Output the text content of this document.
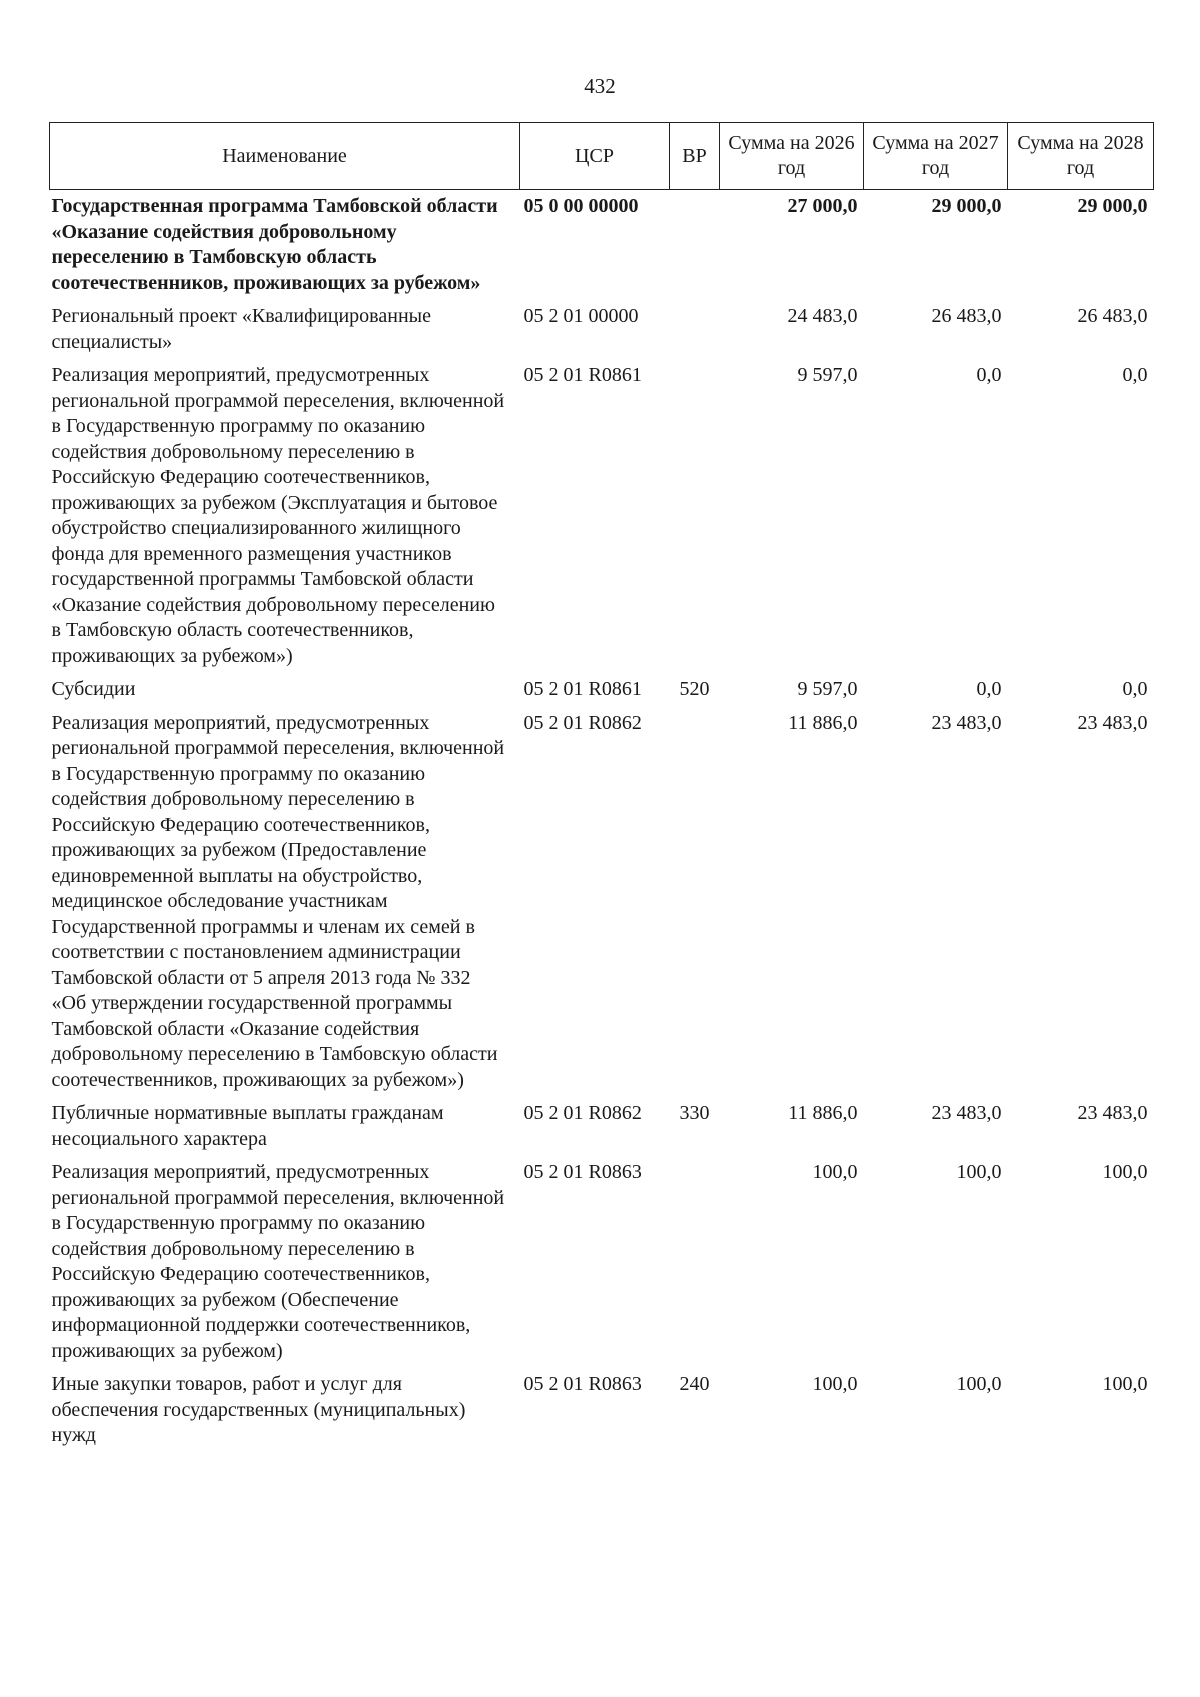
432
Наименование	ЦСР	ВР	Сумма на 2026 год	Сумма на 2027 год	Сумма на 2028 год
Государственная программа Тамбовской области «Оказание содействия добровольному переселению в Тамбовскую область соотечественников, проживающих за рубежом»	05 0 00 00000		27 000,0	29 000,0	29 000,0
Региональный проект «Квалифицированные специалисты»	05 2 01 00000		24 483,0	26 483,0	26 483,0
Реализация мероприятий, предусмотренных региональной программой переселения, включенной в Государственную программу по оказанию содействия добровольному переселению в Российскую Федерацию соотечественников, проживающих за рубежом (Эксплуатация и бытовое обустройство специализированного жилищного фонда для временного размещения участников государственной программы Тамбовской области «Оказание содействия добровольному переселению в Тамбовскую область соотечественников, проживающих за рубежом»)	05 2 01 R0861		9 597,0	0,0	0,0
Субсидии	05 2 01 R0861	520	9 597,0	0,0	0,0
Реализация мероприятий, предусмотренных региональной программой переселения, включенной в Государственную программу по оказанию содействия добровольному переселению в Российскую Федерацию соотечественников, проживающих за рубежом (Предоставление единовременной выплаты на обустройство, медицинское обследование участникам Государственной программы и членам их семей в соответствии с постановлением администрации Тамбовской области от 5 апреля 2013 года № 332 «Об утверждении государственной программы Тамбовской области «Оказание содействия добровольному переселению в Тамбовскую области соотечественников, проживающих за рубежом»)	05 2 01 R0862		11 886,0	23 483,0	23 483,0
Публичные нормативные выплаты гражданам несоциального характера	05 2 01 R0862	330	11 886,0	23 483,0	23 483,0
Реализация мероприятий, предусмотренных региональной программой переселения, включенной в Государственную программу по оказанию содействия добровольному переселению в Российскую Федерацию соотечественников, проживающих за рубежом (Обеспечение информационной поддержки соотечественников, проживающих за рубежом)	05 2 01 R0863		100,0	100,0	100,0
Иные закупки товаров, работ и услуг для обеспечения государственных (муниципальных) нужд	05 2 01 R0863	240	100,0	100,0	100,0
